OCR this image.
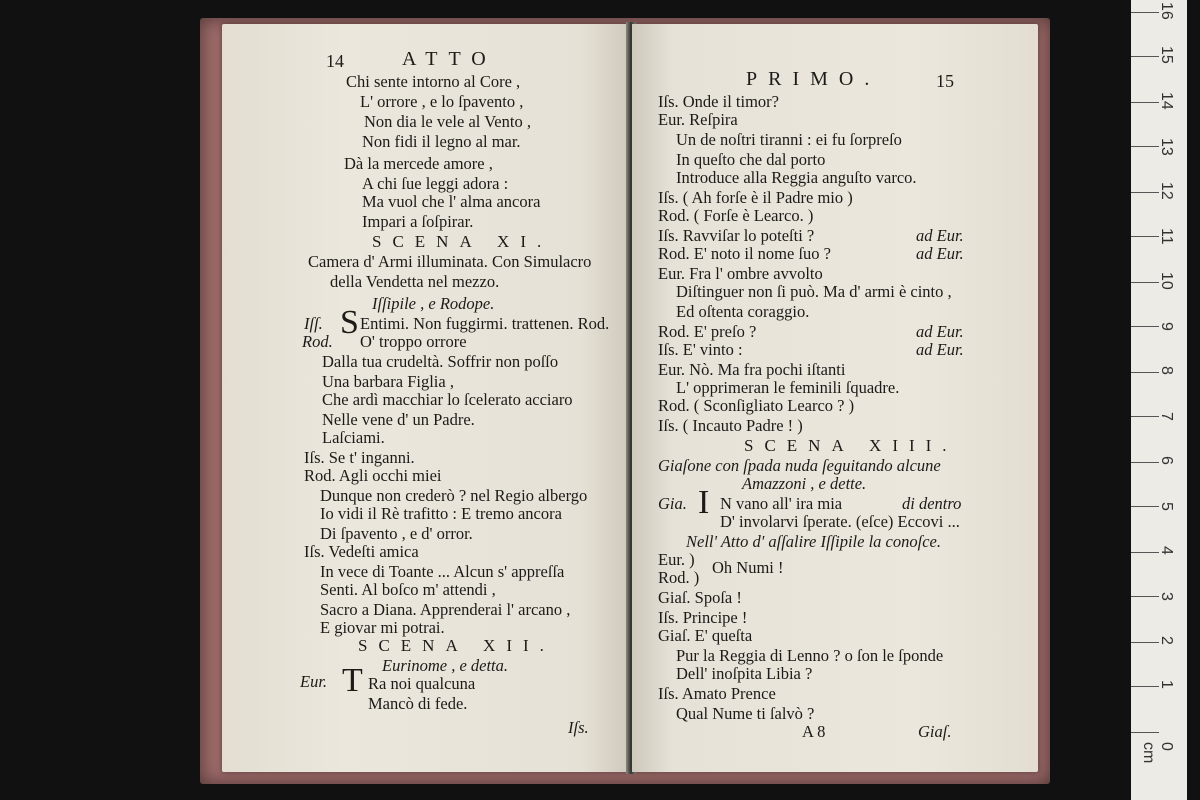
14	ATTO
Chi sente intorno al Core ,
L' orrore , e lo ſpavento ,
Non dia le vele al Vento ,
Non fidi il legno al mar.
Dà la mercede amore ,
A chi ſue leggi adora :
Ma vuol che l' alma ancora
Impari a ſoſpirar.
SCENA XI.
Camera d' Armi illuminata. Con Simulacro
della Vendetta nel mezzo.
Iſſipile , e Rodope.
Iſſ. S Entimi. Non fuggirmi. trattenen. Rod.
Rod. O' troppo orrore
Dalla tua crudeltà. Soffrir non poſſo
Una barbara Figlia ,
Che ardì macchiar lo ſcelerato acciaro
Nelle vene d' un Padre.
Laſciami.
Iſs. Se t' inganni.
Rod. Agli occhi miei
Dunque non crederò ? nel Regio albergo
Io vidi il Rè trafitto : E tremo ancora
Di ſpavento , e d' orror.
Iſs. Vedeſti amica
In vece di Toante ... Alcun s' appreſſa
Senti. Al boſco m' attendi ,
Sacro a Diana. Apprenderai l' arcano ,
E giovar mi potrai.
SCENA XII.
Eurinome , e detta.
Eur. T Ra noi qualcuna
Mancò di fede.
Iſs.
PRIMO.	15
Iſs. Onde il timor?
Eur. Reſpira
Un de noſtri tiranni : ei fu ſorpreſo
In queſto che dal porto
Introduce alla Reggia anguſto varco.
Iſs. ( Ah forſe è il Padre mio )
Rod. ( Forſe è Learco. )
Iſs. Ravviſar lo poteſti ?	ad Eur.
Rod. E' noto il nome ſuo ?	ad Eur.
Eur. Fra l' ombre avvolto
Diſtinguer non ſi può. Ma d' armi è cinto ,
Ed oſtenta coraggio.
Rod. E' preſo ?	ad Eur.
Iſs. E' vinto :	ad Eur.
Eur. Nò. Ma fra pochi iſtanti
L' opprimeran le feminili ſquadre.
Rod. ( Sconſigliato Learco ? )
Iſs. ( Incauto Padre ! )
SCENA XIII.
Giaſone con ſpada nuda ſeguitando alcune
Amazzoni , e dette.
Gia. I N vano all' ira mia	di dentro
D' involarvi ſperate. (eſce) Eccovi ...
Nell' Atto d' aſſalire Iſſipile la conoſce.
Eur. ) Oh Numi !
Rod. )
Giaſ. Spoſa !
Iſs. Principe !
Giaſ. E' queſta
Pur la Reggia di Lenno ? o ſon le ſponde
Dell' inoſpita Libia ?
Iſs. Amato Prence
Qual Nume ti ſalvò ?
A 8	Giaſ.
16
15
14
13
12
11
10
9
8
7
6
5
4
3
2
1
0 cm
